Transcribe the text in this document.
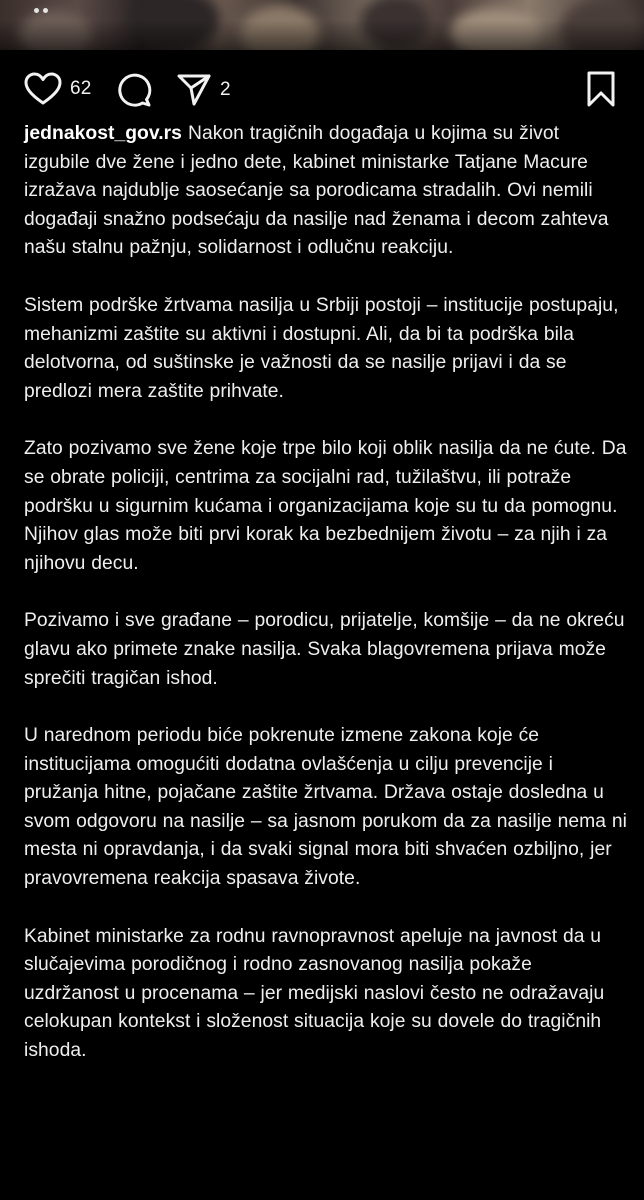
62	2

jednakost_gov.rs Nakon tragičnih događaja u kojima su život izgubile dve žene i jedno dete, kabinet ministarke Tatjane Macure izražava najdublje saosećanje sa porodicama stradalih. Ovi nemili događaji snažno podsećaju da nasilje nad ženama i decom zahteva našu stalnu pažnju, solidarnost i odlučnu reakciju.

Sistem podrške žrtvama nasilja u Srbiji postoji – institucije postupaju, mehanizmi zaštite su aktivni i dostupni. Ali, da bi ta podrška bila delotvorna, od suštinske je važnosti da se nasilje prijavi i da se predlozi mera zaštite prihvate.

Zato pozivamo sve žene koje trpe bilo koji oblik nasilja da ne ćute. Da se obrate policiji, centrima za socijalni rad, tužilaštvu, ili potraže podršku u sigurnim kućama i organizacijama koje su tu da pomognu. Njihov glas može biti prvi korak ka bezbednijem životu – za njih i za njihovu decu.

Pozivamo i sve građane – porodicu, prijatelje, komšije – da ne okreću glavu ako primete znake nasilja. Svaka blagovremena prijava može sprečiti tragičan ishod.

U narednom periodu biće pokrenute izmene zakona koje će institucijama omogućiti dodatna ovlašćenja u cilju prevencije i pružanja hitne, pojačane zaštite žrtvama. Država ostaje dosledna u svom odgovoru na nasilje – sa jasnom porukom da za nasilje nema ni mesta ni opravdanja, i da svaki signal mora biti shvaćen ozbiljno, jer pravovremena reakcija spasava živote.

Kabinet ministarke za rodnu ravnopravnost apeluje na javnost da u slučajevima porodičnog i rodno zasnovanog nasilja pokaže uzdržanost u procenama – jer medijski naslovi često ne odražavaju celokupan kontekst i složenost situacija koje su dovele do tragičnih ishoda.
